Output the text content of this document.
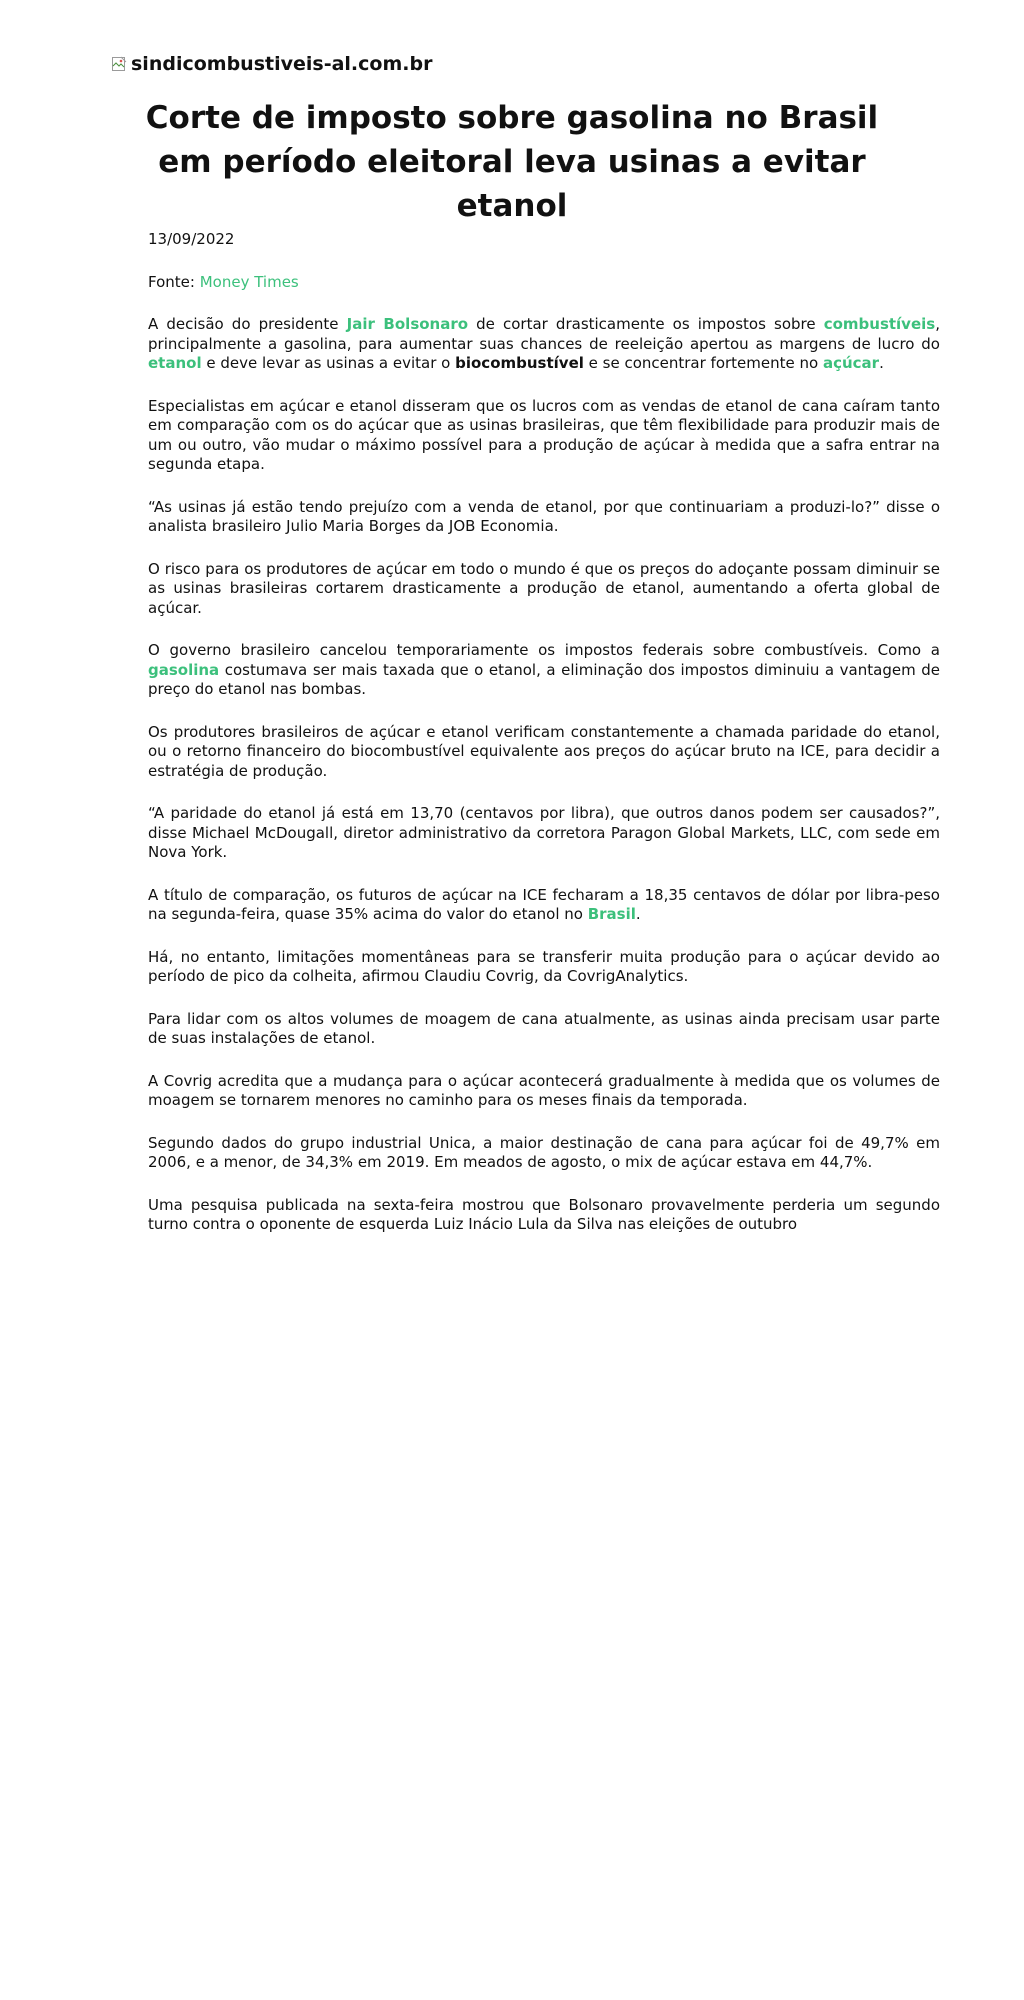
sindicombustiveis-al.com.br
Corte de imposto sobre gasolina no Brasil em período eleitoral leva usinas a evitar etanol

13/09/2022

Fonte: Money Times

A decisão do presidente Jair Bolsonaro de cortar drasticamente os impostos sobre combustíveis, principalmente a gasolina, para aumentar suas chances de reeleição apertou as margens de lucro do etanol e deve levar as usinas a evitar o biocombustível e se concentrar fortemente no açúcar.

Especialistas em açúcar e etanol disseram que os lucros com as vendas de etanol de cana caíram tanto em comparação com os do açúcar que as usinas brasileiras, que têm flexibilidade para produzir mais de um ou outro, vão mudar o máximo possível para a produção de açúcar à medida que a safra entrar na segunda etapa.

“As usinas já estão tendo prejuízo com a venda de etanol, por que continuariam a produzi-lo?” disse o analista brasileiro Julio Maria Borges da JOB Economia.

O risco para os produtores de açúcar em todo o mundo é que os preços do adoçante possam diminuir se as usinas brasileiras cortarem drasticamente a produção de etanol, aumentando a oferta global de açúcar.

O governo brasileiro cancelou temporariamente os impostos federais sobre combustíveis. Como a gasolina costumava ser mais taxada que o etanol, a eliminação dos impostos diminuiu a vantagem de preço do etanol nas bombas.

Os produtores brasileiros de açúcar e etanol verificam constantemente a chamada paridade do etanol, ou o retorno financeiro do biocombustível equivalente aos preços do açúcar bruto na ICE, para decidir a estratégia de produção.

“A paridade do etanol já está em 13,70 (centavos por libra), que outros danos podem ser causados?”, disse Michael McDougall, diretor administrativo da corretora Paragon Global Markets, LLC, com sede em Nova York.

A título de comparação, os futuros de açúcar na ICE fecharam a 18,35 centavos de dólar por libra-peso na segunda-feira, quase 35% acima do valor do etanol no Brasil.

Há, no entanto, limitações momentâneas para se transferir muita produção para o açúcar devido ao período de pico da colheita, afirmou Claudiu Covrig, da CovrigAnalytics.

Para lidar com os altos volumes de moagem de cana atualmente, as usinas ainda precisam usar parte de suas instalações de etanol.

A Covrig acredita que a mudança para o açúcar acontecerá gradualmente à medida que os volumes de moagem se tornarem menores no caminho para os meses finais da temporada.

Segundo dados do grupo industrial Unica, a maior destinação de cana para açúcar foi de 49,7% em 2006, e a menor, de 34,3% em 2019. Em meados de agosto, o mix de açúcar estava em 44,7%.

Uma pesquisa publicada na sexta-feira mostrou que Bolsonaro provavelmente perderia um segundo turno contra o oponente de esquerda Luiz Inácio Lula da Silva nas eleições de outubro
